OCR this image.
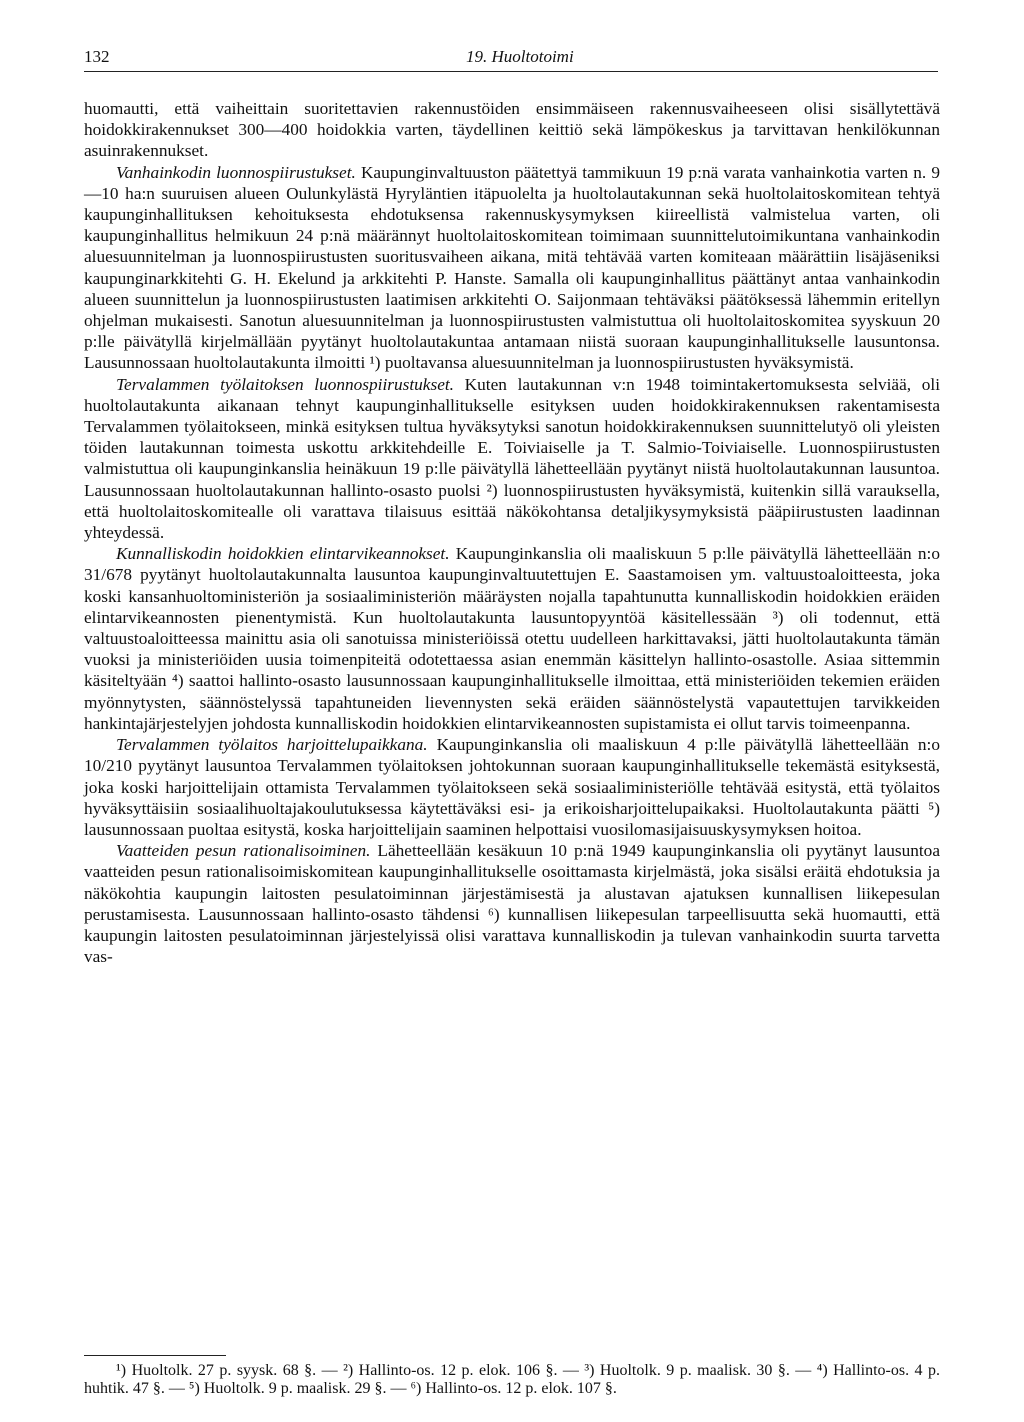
132	19. Huoltotoimi

huomautti, että vaiheittain suoritettavien rakennustöiden ensimmäiseen rakennusvaiheeseen olisi sisällytettävä hoidokkirakennukset 300—400 hoidokkia varten, täydellinen keittiö sekä lämpökeskus ja tarvittavan henkilökunnan asuinrakennukset.

Vanhainkodin luonnospiirustukset. Kaupunginvaltuuston päätettyä tammikuun 19 p:nä varata vanhainkotia varten n. 9—10 ha:n suuruisen alueen Oulunkylästä Hyryläntien itäpuolelta ja huoltolautakunnan sekä huoltolaitoskomitean tehtyä kaupunginhallituksen kehoituksesta ehdotuksensa rakennuskysymyksen kiireellistä valmistelua varten, oli kaupunginhallitus helmikuun 24 p:nä määrännyt huoltolaitoskomitean toimimaan suunnittelutoimikuntana vanhainkodin aluesuunnitelman ja luonnospiirustusten suoritusvaiheen aikana, mitä tehtävää varten komiteaan määrättiin lisäjäseniksi kaupunginarkkitehti G. H. Ekelund ja arkkitehti P. Hanste. Samalla oli kaupunginhallitus päättänyt antaa vanhainkodin alueen suunnittelun ja luonnospiirustusten laatimisen arkkitehti O. Saijonmaan tehtäväksi päätöksessä lähemmin eritellyn ohjelman mukaisesti. Sanotun aluesuunnitelman ja luonnospiirustusten valmistuttua oli huoltolaitoskomitea syyskuun 20 p:lle päivätyllä kirjelmällään pyytänyt huoltolautakuntaa antamaan niistä suoraan kaupunginhallitukselle lausuntonsa. Lausunnossaan huoltolautakunta ilmoitti ¹) puoltavansa aluesuunnitelman ja luonnospiirustusten hyväksymistä.

Tervalammen työlaitoksen luonnospiirustukset. Kuten lautakunnan v:n 1948 toimintakertomuksesta selviää, oli huoltolautakunta aikanaan tehnyt kaupunginhallitukselle esityksen uuden hoidokkirakennuksen rakentamisesta Tervalammen työlaitokseen, minkä esityksen tultua hyväksytyksi sanotun hoidokkirakennuksen suunnittelutyö oli yleisten töiden lautakunnan toimesta uskottu arkkitehdeille E. Toiviaiselle ja T. Salmio-Toiviaiselle. Luonnospiirustusten valmistuttua oli kaupunginkanslia heinäkuun 19 p:lle päivätyllä lähetteellään pyytänyt niistä huoltolautakunnan lausuntoa. Lausunnossaan huoltolautakunnan hallinto-osasto puolsi ²) luonnospiirustusten hyväksymistä, kuitenkin sillä varauksella, että huoltolaitoskomitealle oli varattava tilaisuus esittää näkökohtansa detaljikysymyksistä pääpiirustusten laadinnan yhteydessä.

Kunnalliskodin hoidokkien elintarvikeannokset. Kaupunginkanslia oli maaliskuun 5 p:lle päivätyllä lähetteellään n:o 31/678 pyytänyt huoltolautakunnalta lausuntoa kaupunginvaltuutettujen E. Saastamoisen ym. valtuustoaloitteesta, joka koski kansanhuoltoministeriön ja sosiaaliministeriön määräysten nojalla tapahtunutta kunnalliskodin hoidokkien eräiden elintarvikeannosten pienentymistä. Kun huoltolautakunta lausuntopyyntöä käsitellessään ³) oli todennut, että valtuustoaloitteessa mainittu asia oli sanotuissa ministeriöissä otettu uudelleen harkittavaksi, jätti huoltolautakunta tämän vuoksi ja ministeriöiden uusia toimenpiteitä odotettaessa asian enemmän käsittelyn hallinto-osastolle. Asiaa sittemmin käsiteltyään ⁴) saattoi hallinto-osasto lausunnossaan kaupunginhallitukselle ilmoittaa, että ministeriöiden tekemien eräiden myönnytysten, säännöstelyssä tapahtuneiden lievennysten sekä eräiden säännöstelystä vapautettujen tarvikkeiden hankintajärjestelyjen johdosta kunnalliskodin hoidokkien elintarvikeannosten supistamista ei ollut tarvis toimeenpanna.

Tervalammen työlaitos harjoittelupaikkana. Kaupunginkanslia oli maaliskuun 4 p:lle päivätyllä lähetteellään n:o 10/210 pyytänyt lausuntoa Tervalammen työlaitoksen johtokunnan suoraan kaupunginhallitukselle tekemästä esityksestä, joka koski harjoittelijain ottamista Tervalammen työlaitokseen sekä sosiaaliministeriölle tehtävää esitystä, että työlaitos hyväksyttäisiin sosiaalihuoltajakoulutuksessa käytettäväksi esi- ja erikoisharjoittelupaikaksi. Huoltolautakunta päätti ⁵) lausunnossaan puoltaa esitystä, koska harjoittelijain saaminen helpottaisi vuosilomasijaisuuskysymyksen hoitoa.

Vaatteiden pesun rationalisoiminen. Lähetteellään kesäkuun 10 p:nä 1949 kaupunginkanslia oli pyytänyt lausuntoa vaatteiden pesun rationalisoimiskomitean kaupunginhallitukselle osoittamasta kirjelmästä, joka sisälsi eräitä ehdotuksia ja näkökohtia kaupungin laitosten pesulatoiminnan järjestämisestä ja alustavan ajatuksen kunnallisen liikepesulan perustamisesta. Lausunnossaan hallinto-osasto tähdensi ⁶) kunnallisen liikepesulan tarpeellisuutta sekä huomautti, että kaupungin laitosten pesulatoiminnan järjestelyissä olisi varattava kunnalliskodin ja tulevan vanhainkodin suurta tarvetta vas-

¹) Huoltolk. 27 p. syysk. 68 §. — ²) Hallinto-os. 12 p. elok. 106 §. — ³) Huoltolk. 9 p. maalisk. 30 §. — ⁴) Hallinto-os. 4 p. huhtik. 47 §. — ⁵) Huoltolk. 9 p. maalisk. 29 §. — ⁶) Hallinto-os. 12 p. elok. 107 §.
